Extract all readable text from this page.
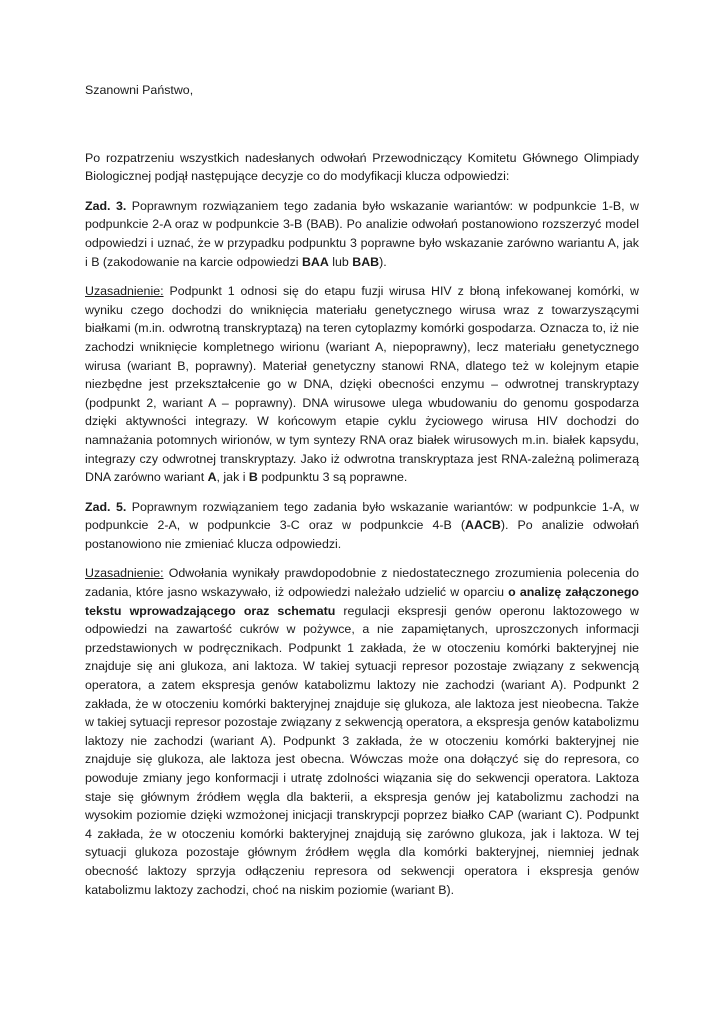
Szanowni Państwo,

Po rozpatrzeniu wszystkich nadesłanych odwołań Przewodniczący Komitetu Głównego Olimpiady Biologicznej podjął następujące decyzje co do modyfikacji klucza odpowiedzi:

Zad. 3. Poprawnym rozwiązaniem tego zadania było wskazanie wariantów: w podpunkcie 1-B, w podpunkcie 2-A oraz w podpunkcie 3-B (BAB). Po analizie odwołań postanowiono rozszerzyć model odpowiedzi i uznać, że w przypadku podpunktu 3 poprawne było wskazanie zarówno wariantu A, jak i B (zakodowanie na karcie odpowiedzi BAA lub BAB).

Uzasadnienie: Podpunkt 1 odnosi się do etapu fuzji wirusa HIV z błoną infekowanej komórki, w wyniku czego dochodzi do wniknięcia materiału genetycznego wirusa wraz z towarzyszącymi białkami (m.in. odwrotną transkryptazą) na teren cytoplazmy komórki gospodarza. Oznacza to, iż nie zachodzi wniknięcie kompletnego wirionu (wariant A, niepoprawny), lecz materiału genetycznego wirusa (wariant B, poprawny). Materiał genetyczny stanowi RNA, dlatego też w kolejnym etapie niezbędne jest przekształcenie go w DNA, dzięki obecności enzymu – odwrotnej transkryptazy (podpunkt 2, wariant A – poprawny). DNA wirusowe ulega wbudowaniu do genomu gospodarza dzięki aktywności integrazy. W końcowym etapie cyklu życiowego wirusa HIV dochodzi do namnażania potomnych wirionów, w tym syntezy RNA oraz białek wirusowych m.in. białek kapsydu, integrazy czy odwrotnej transkryptazy. Jako iż odwrotna transkryptaza jest RNA-zależną polimerazą DNA zarówno wariant A, jak i B podpunktu 3 są poprawne.

Zad. 5. Poprawnym rozwiązaniem tego zadania było wskazanie wariantów: w podpunkcie 1-A, w podpunkcie 2-A, w podpunkcie 3-C oraz w podpunkcie 4-B (AACB). Po analizie odwołań postanowiono nie zmieniać klucza odpowiedzi.

Uzasadnienie: Odwołania wynikały prawdopodobnie z niedostatecznego zrozumienia polecenia do zadania, które jasno wskazywało, iż odpowiedzi należało udzielić w oparciu o analizę załączonego tekstu wprowadzającego oraz schematu regulacji ekspresji genów operonu laktozowego w odpowiedzi na zawartość cukrów w pożywce, a nie zapamiętanych, uproszczonych informacji przedstawionych w podręcznikach. Podpunkt 1 zakłada, że w otoczeniu komórki bakteryjnej nie znajduje się ani glukoza, ani laktoza. W takiej sytuacji represor pozostaje związany z sekwencją operatora, a zatem ekspresja genów katabolizmu laktozy nie zachodzi (wariant A). Podpunkt 2 zakłada, że w otoczeniu komórki bakteryjnej znajduje się glukoza, ale laktoza jest nieobecna. Także w takiej sytuacji represor pozostaje związany z sekwencją operatora, a ekspresja genów katabolizmu laktozy nie zachodzi (wariant A). Podpunkt 3 zakłada, że w otoczeniu komórki bakteryjnej nie znajduje się glukoza, ale laktoza jest obecna. Wówczas może ona dołączyć się do represora, co powoduje zmiany jego konformacji i utratę zdolności wiązania się do sekwencji operatora. Laktoza staje się głównym źródłem węgla dla bakterii, a ekspresja genów jej katabolizmu zachodzi na wysokim poziomie dzięki wzmożonej inicjacji transkrypcji poprzez białko CAP (wariant C). Podpunkt 4 zakłada, że w otoczeniu komórki bakteryjnej znajdują się zarówno glukoza, jak i laktoza. W tej sytuacji glukoza pozostaje głównym źródłem węgla dla komórki bakteryjnej, niemniej jednak obecność laktozy sprzyja odłączeniu represora od sekwencji operatora i ekspresja genów katabolizmu laktozy zachodzi, choć na niskim poziomie (wariant B).
